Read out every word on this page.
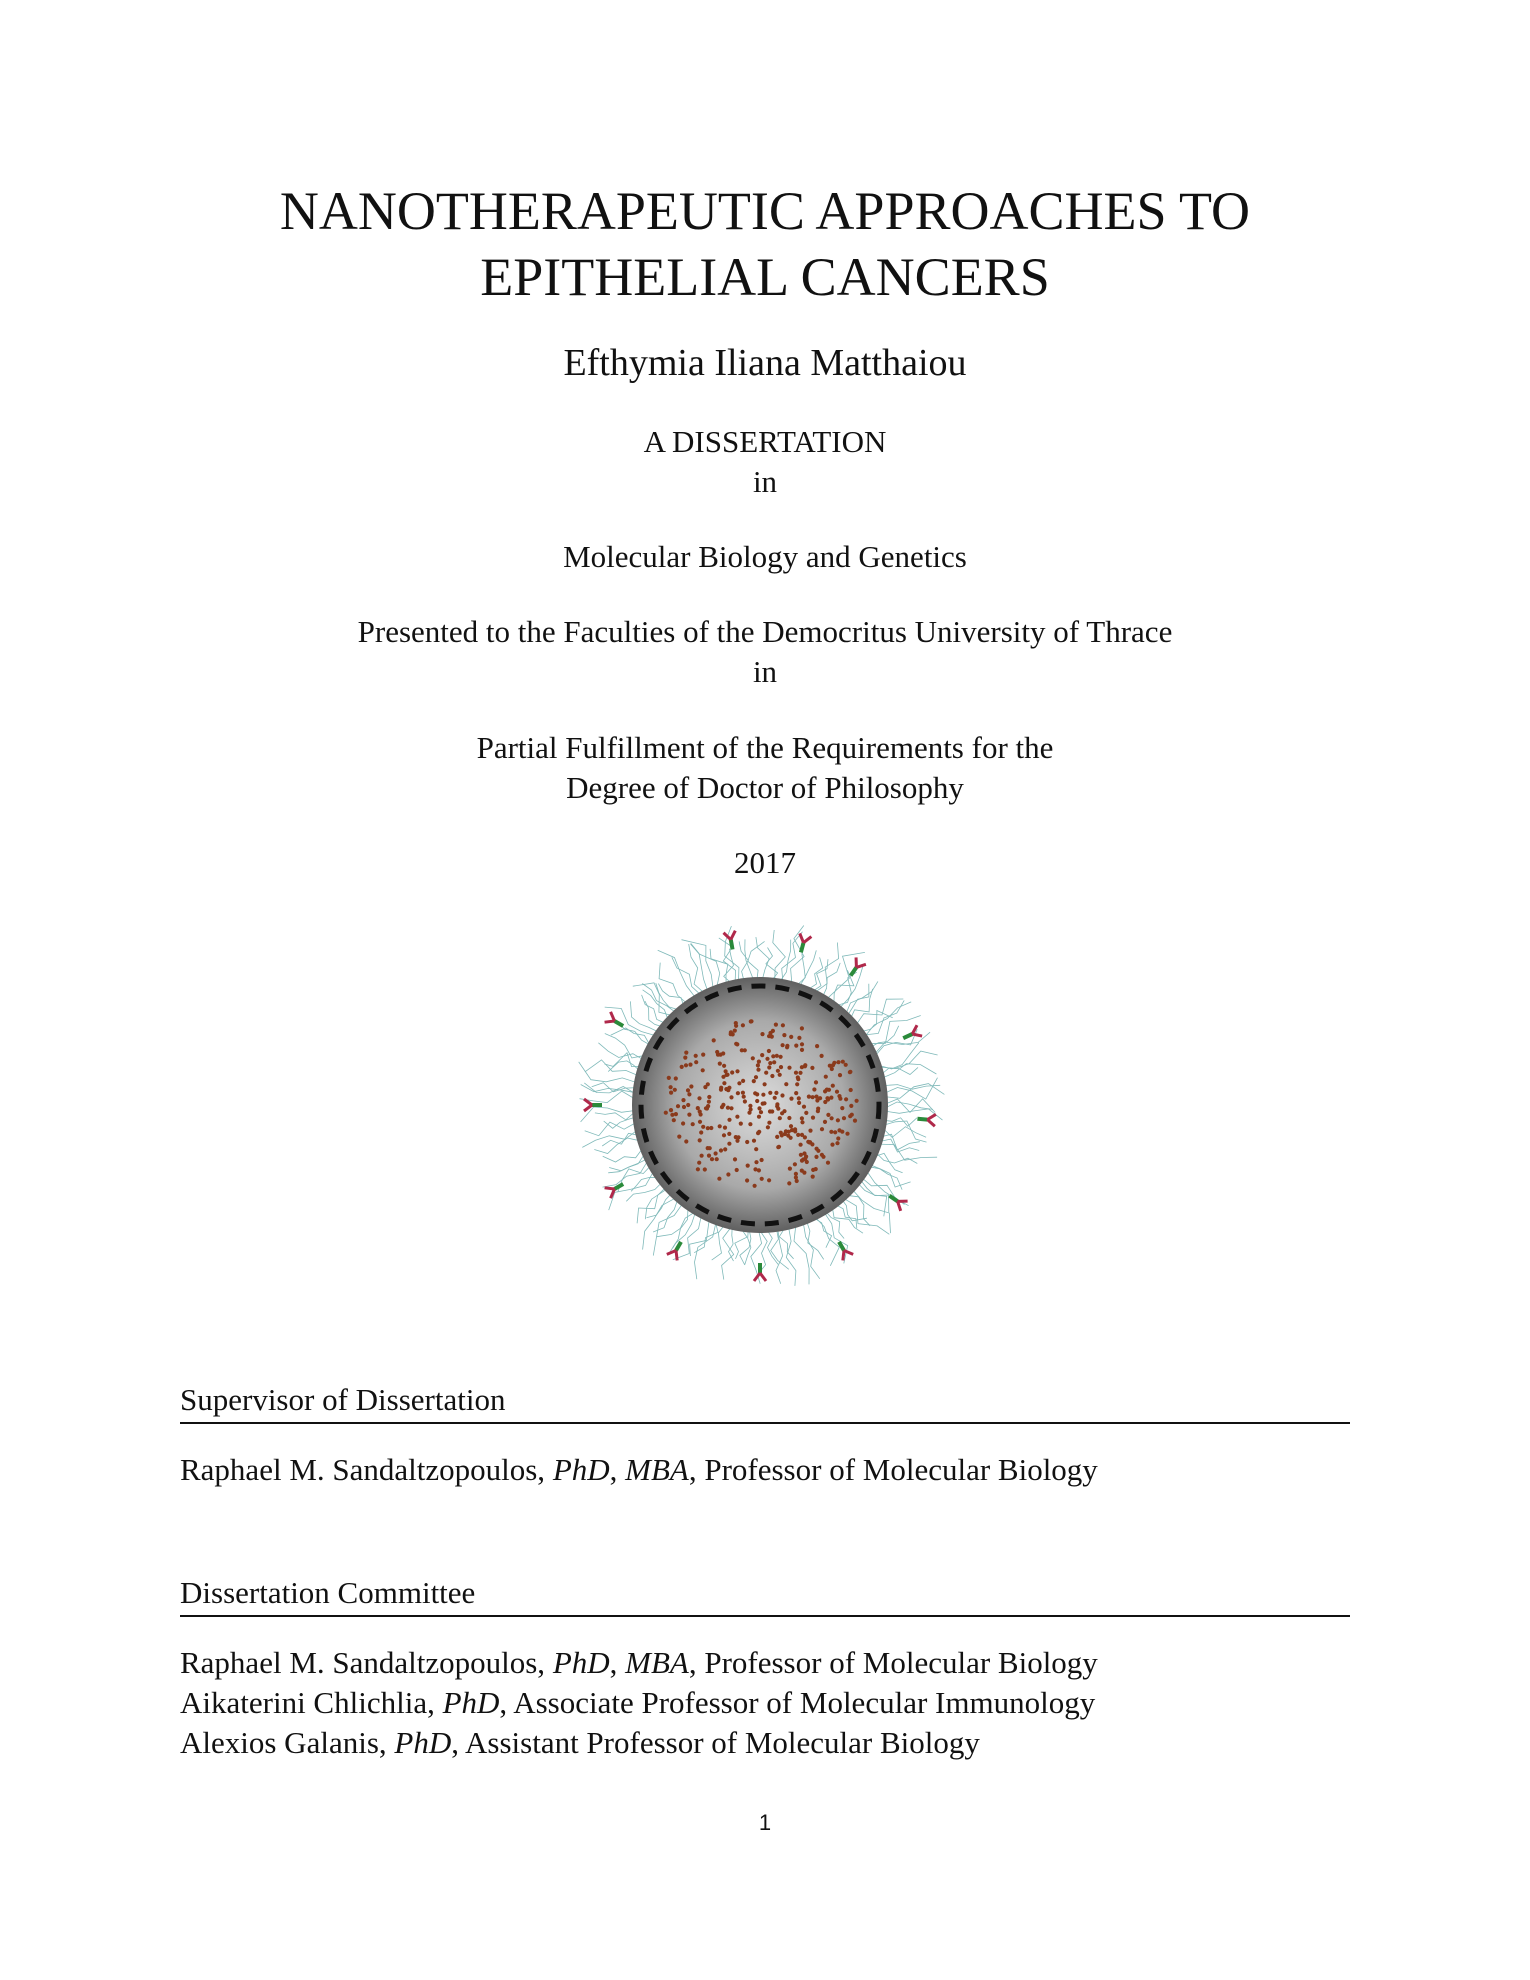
NANOTHERAPEUTIC APPROACHES TO
EPITHELIAL CANCERS
Efthymia Iliana Matthaiou
A DISSERTATION
in
Molecular Biology and Genetics
Presented to the Faculties of the Democritus University of Thrace
in
Partial Fulfillment of the Requirements for the
Degree of Doctor of Philosophy
2017
Supervisor of Dissertation
Raphael M. Sandaltzopoulos, PhD, MBA, Professor of Molecular Biology
Dissertation Committee
Raphael M. Sandaltzopoulos, PhD, MBA, Professor of Molecular Biology
Aikaterini Chlichlia, PhD, Associate Professor of Molecular Immunology
Alexios Galanis, PhD, Assistant Professor of Molecular Biology
1
